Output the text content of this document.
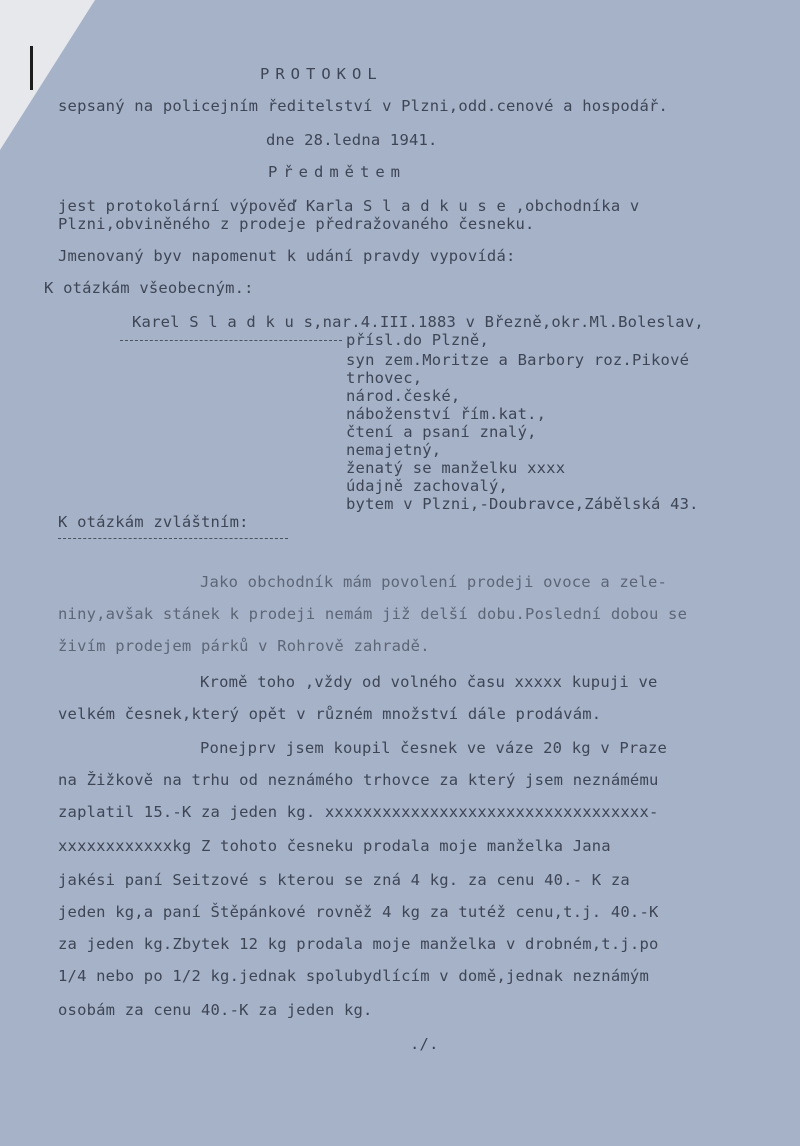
PROTOKOL
sepsaný na policejním ředitelství v Plzni,odd.cenové a hospodář.
dne 28.ledna 1941.
Předmětem
jest protokolární výpověď Karla S l a d k u s e ,obchodníka v
Plzni,obviněného z prodeje předražovaného česneku.
Jmenovaný byv napomenut k udání pravdy vypovídá:
K otázkám všeobecným.:
Karel S l a d k u s,nar.4.III.1883 v Březně,okr.Ml.Boleslav,
přísl.do Plzně,
syn zem.Moritze a Barbory roz.Pikové
trhovec,
národ.české,
náboženství řím.kat.,
čtení a psaní znalý,
nemajetný,
ženatý se manželku xxxx
údajně zachovalý,
bytem v Plzni,-Doubravce,Zábělská 43.
K otázkám zvláštním:
Jako obchodník mám povolení prodeji ovoce a zele-
niny,avšak stánek k prodeji nemám již delší dobu.Poslední dobou se
živím prodejem párků v Rohrově zahradě.
Kromě toho ,vždy od volného času xxxxx kupuji ve
velkém česnek,který opět v různém množství dále prodávám.
Ponejprv jsem koupil česnek ve váze 20 kg v Praze
na Žižkově na trhu od neznámého trhovce za který jsem neznámému
zaplatil 15.-K za jeden kg. xxxxxxxxxxxxxxxxxxxxxxxxxxxxxxxxxx-
xxxxxxxxxxxxkg Z tohoto česneku prodala moje manželka Jana
jakési paní Seitzové s kterou se zná 4 kg. za cenu 40.- K za
jeden kg,a paní Štěpánkové rovněž 4 kg za tutéž cenu,t.j. 40.-K
za jeden kg.Zbytek 12 kg prodala moje manželka v drobném,t.j.po
1/4 nebo po 1/2 kg.jednak spolubydlícím v domě,jednak neznámým
osobám za cenu 40.-K za jeden kg.
./.
